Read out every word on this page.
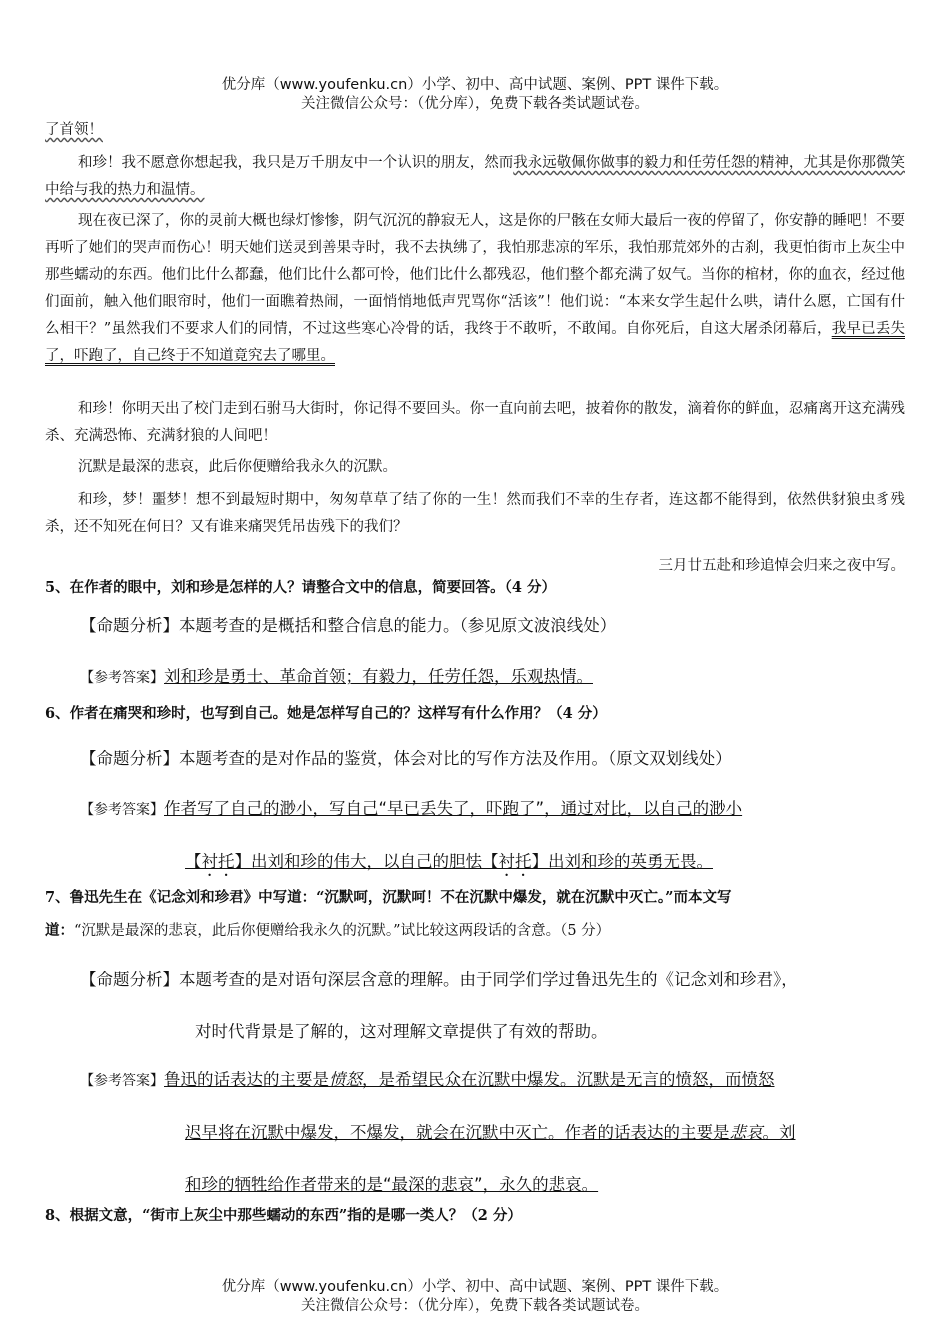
优分库（www.youfenku.cn）小学、初中、高中试题、案例、PPT 课件下载。
关注微信公众号：（优分库），免费下载各类试题试卷。
了首领！
和珍！我不愿意你想起我，我只是万千朋友中一个认识的朋友，然而我永远敬佩你做事的毅力和任劳任怨的精神，尤其是你那微笑中给与我的热力和温情。
现在夜已深了，你的灵前大概也绿灯惨惨，阴气沉沉的静寂无人，这是你的尸骸在女师大最后一夜的停留了，你安静的睡吧！不要再听了她们的哭声而伤心！明天她们送灵到善果寺时，我不去执绋了，我怕那悲凉的军乐，我怕那荒郊外的古刹，我更怕街市上灰尘中那些蠕动的东西。他们比什么都蠢，他们比什么都可怜，他们比什么都残忍，他们整个都充满了奴气。当你的棺材，你的血衣，经过他们面前，触入他们眼帘时，他们一面瞧着热闹，一面悄悄地低声咒骂你“活该”！他们说：“本来女学生起什么哄，请什么愿，亡国有什么相干？”虽然我们不要求人们的同情，不过这些寒心冷骨的话，我终于不敢听，不敢闻。自你死后，自这大屠杀闭幕后，我早已丢失了，吓跑了，自己终于不知道竟究去了哪里。
和珍！你明天出了校门走到石驸马大街时，你记得不要回头。你一直向前去吧，披着你的散发，滴着你的鲜血，忍痛离开这充满残杀、充满恐怖、充满豺狼的人间吧！
沉默是最深的悲哀，此后你便赠给我永久的沉默。
和珍，梦！噩梦！想不到最短时期中，匆匆草草了结了你的一生！然而我们不幸的生存者，连这都不能得到，依然供豺狼虫豸残杀，还不知死在何日？又有谁来痛哭凭吊齿残下的我们？
三月廿五赴和珍追悼会归来之夜中写。
5、在作者的眼中，刘和珍是怎样的人？请整合文中的信息，简要回答。（4 分）
【命题分析】本题考查的是概括和整合信息的能力。（参见原文波浪线处）
【参考答案】刘和珍是勇士、革命首领；有毅力，任劳任怨，乐观热情。
6、作者在痛哭和珍时，也写到自己。她是怎样写自己的？这样写有什么作用？（4 分）
【命题分析】本题考查的是对作品的鉴赏，体会对比的写作方法及作用。（原文双划线处）
【参考答案】作者写了自己的渺小，写自己“早已丢失了，吓跑了”，通过对比，以自己的渺小
【衬托】出刘和珍的伟大，以自己的胆怯【衬托】出刘和珍的英勇无畏。
7、鲁迅先生在《记念刘和珍君》中写道：“沉默呵，沉默呵！不在沉默中爆发，就在沉默中灭亡。”而本文写
道：“沉默是最深的悲哀，此后你便赠给我永久的沉默。”试比较这两段话的含意。（5 分）
【命题分析】本题考查的是对语句深层含意的理解。由于同学们学过鲁迅先生的《记念刘和珍君》，
对时代背景是了解的，这对理解文章提供了有效的帮助。
【参考答案】鲁迅的话表达的主要是愤怒，是希望民众在沉默中爆发。沉默是无言的愤怒，而愤怒
迟早将在沉默中爆发，不爆发，就会在沉默中灭亡。作者的话表达的主要是悲哀。刘
和珍的牺牲给作者带来的是“最深的悲哀”，永久的悲哀。
8、根据文意，“街市上灰尘中那些蠕动的东西”指的是哪一类人？（2 分）
优分库（www.youfenku.cn）小学、初中、高中试题、案例、PPT 课件下载。
关注微信公众号：（优分库），免费下载各类试题试卷。
